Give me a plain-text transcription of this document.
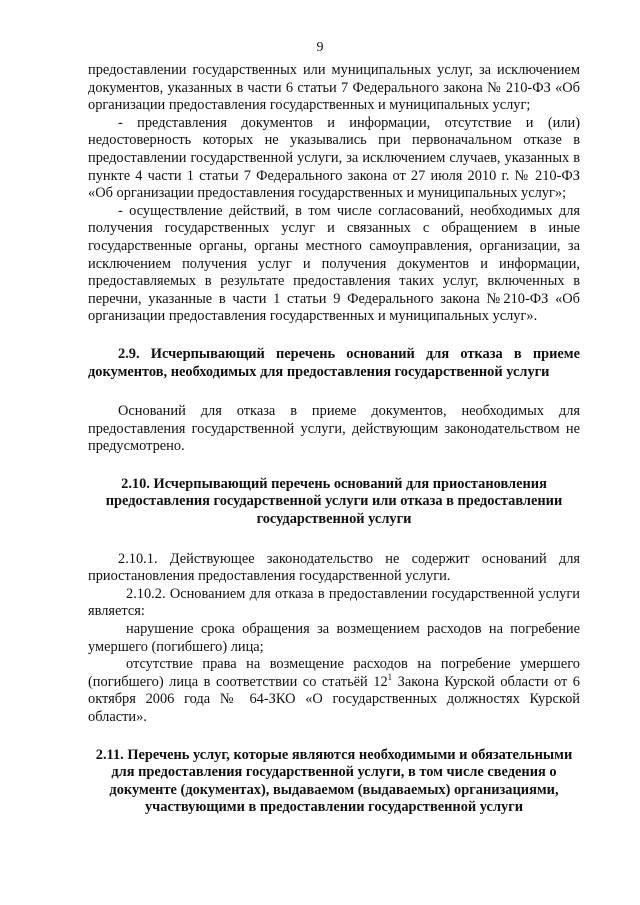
9

предоставлении государственных или муниципальных услуг, за исключением документов, указанных в части 6 статьи 7 Федерального закона № 210-ФЗ «Об организации предоставления государственных и муниципальных услуг;

- представления документов и информации, отсутствие и (или) недостоверность которых не указывались при первоначальном отказе в предоставлении государственной услуги, за исключением случаев, указанных в пункте 4 части 1 статьи 7 Федерального закона от 27 июля 2010 г. № 210-ФЗ «Об организации предоставления государственных и муниципальных услуг»;

- осуществление действий, в том числе согласований, необходимых для получения государственных услуг и связанных с обращением в иные государственные органы, органы местного самоуправления, организации, за исключением получения услуг и получения документов и информации, предоставляемых в результате предоставления таких услуг, включенных в перечни, указанные в части 1 статьи 9 Федерального закона №210-ФЗ «Об организации предоставления государственных и муниципальных услуг».

2.9. Исчерпывающий перечень оснований для отказа в приеме документов, необходимых для предоставления государственной услуги

Оснований для отказа в приеме документов, необходимых для предоставления государственной услуги, действующим законодательством не предусмотрено.

2.10. Исчерпывающий перечень оснований для приостановления предоставления государственной услуги или отказа в предоставлении государственной услуги

2.10.1. Действующее законодательство не содержит оснований для приостановления предоставления государственной услуги.

2.10.2. Основанием для отказа в предоставлении государственной услуги является:

нарушение срока обращения за возмещением расходов на погребение умершего (погибшего) лица;

отсутствие права на возмещение расходов на погребение умершего (погибшего) лица в соответствии со статьёй $12^1$ Закона Курской области от 6 октября 2006 года № 64-ЗКО «О государственных должностях Курской области».

2.11. Перечень услуг, которые являются необходимыми и обязательными для предоставления государственной услуги, в том числе сведения о документе (документах), выдаваемом (выдаваемых) организациями, участвующими в предоставлении государственной услуги
